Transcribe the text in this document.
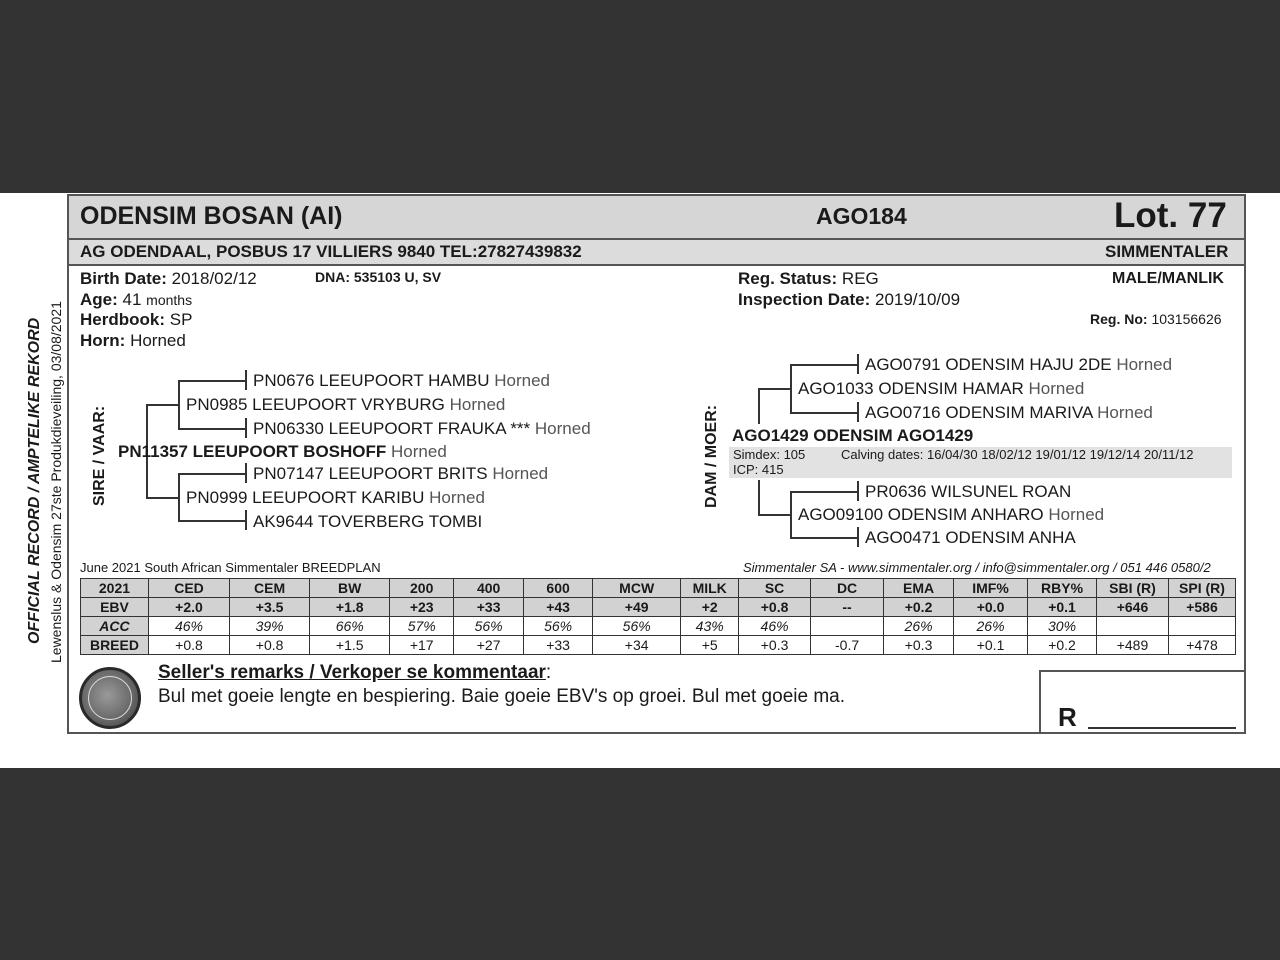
ODENSIM BOSAN (AI)	AGO184	Lot. 77
AG ODENDAAL, POSBUS 17 VILLIERS 9840 TEL:27827439832	SIMMENTALER
OFFICIAL RECORD / AMPTELIKE REKORD Lewenslus & Odensim 27ste Produkdieveiling, 03/08/2021
Birth Date: 2018/02/12	DNA: 535103 U, SV
Age: 41 months
Herdbook: SP
Horn: Horned
Reg. Status: REG
Inspection Date: 2019/10/09
MALE/MANLIK
Reg. No: 103156626
SIRE / VAAR:
PN0676 LEEUPOORT HAMBU Horned
PN0985 LEEUPOORT VRYBURG Horned
PN06330 LEEUPOORT FRAUKA *** Horned
PN11357 LEEUPOORT BOSHOFF Horned
PN07147 LEEUPOORT BRITS Horned
PN0999 LEEUPOORT KARIBU Horned
AK9644 TOVERBERG TOMBI
DAM / MOER:
AGO0791 ODENSIM HAJU 2DE Horned
AGO1033 ODENSIM HAMAR Horned
AGO0716 ODENSIM MARIVA Horned
AGO1429 ODENSIM AGO1429
Simdex: 105
ICP: 415
Calving dates: 16/04/30 18/02/12 19/01/12 19/12/14 20/11/12
PR0636 WILSUNEL ROAN
AGO09100 ODENSIM ANHARO Horned
AGO0471 ODENSIM ANHA
June 2021 South African Simmentaler BREEDPLAN	Simmentaler SA - www.simmentaler.org / info@simmentaler.org / 051 446 0580/2
2021	CED	CEM	BW	200	400	600	MCW	MILK	SC	DC	EMA	IMF%	RBY%	SBI (R)	SPI (R)
EBV	+2.0	+3.5	+1.8	+23	+33	+43	+49	+2	+0.8	--	+0.2	+0.0	+0.1	+646	+586
ACC	46%	39%	66%	57%	56%	56%	56%	43%	46%		26%	26%	30%		
BREED	+0.8	+0.8	+1.5	+17	+27	+33	+34	+5	+0.3	-0.7	+0.3	+0.1	+0.2	+489	+478
Seller's remarks / Verkoper se kommentaar:
Bul met goeie lengte en bespiering. Baie goeie EBV's op groei. Bul met goeie ma.
R
